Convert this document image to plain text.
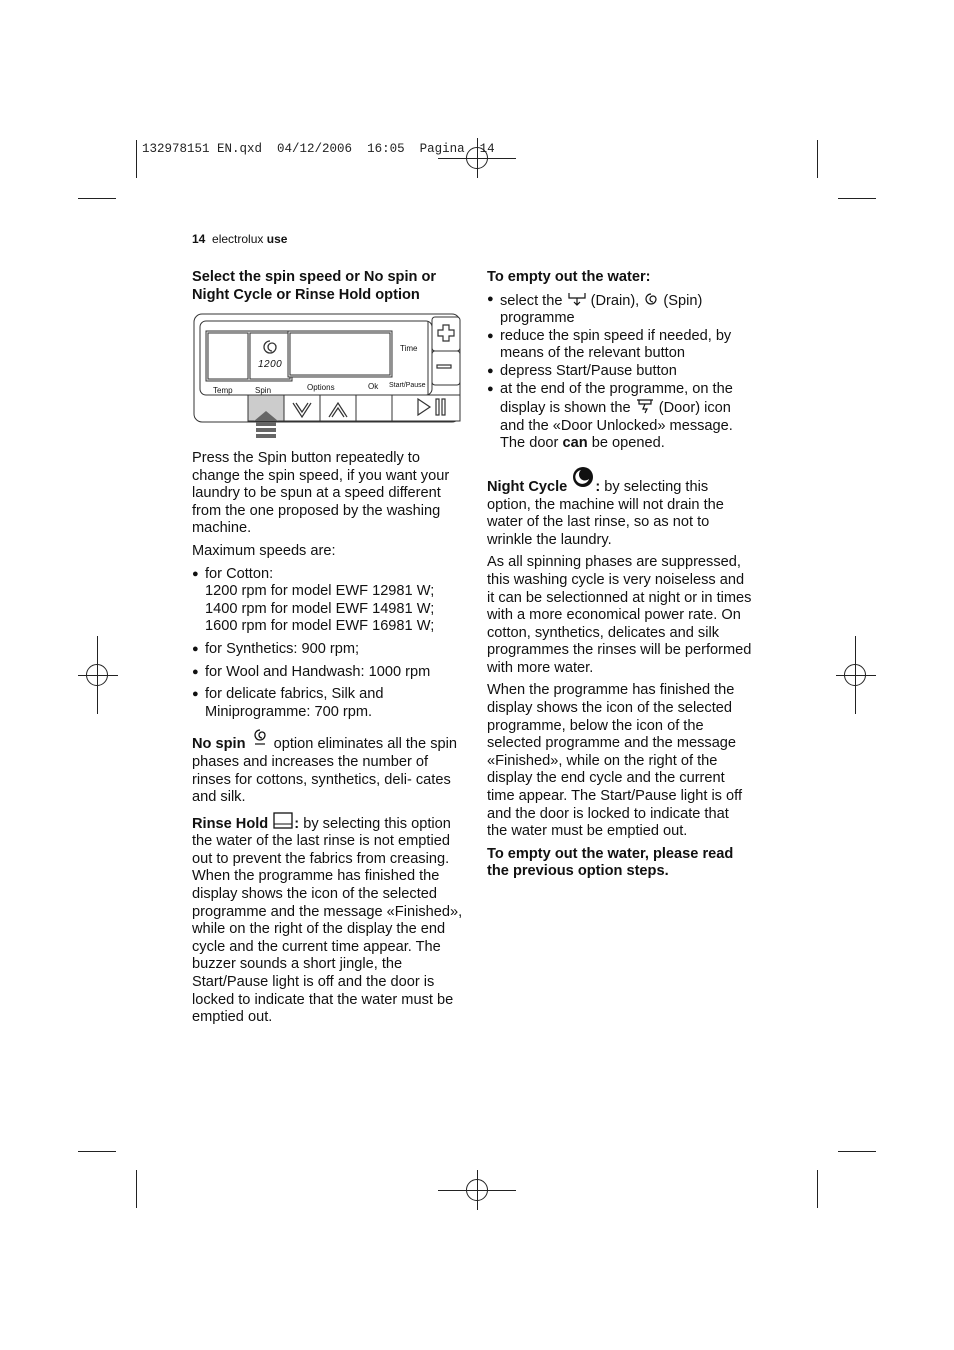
132978151 EN.qxd 04/12/2006 16:05 Pagina 14
14 electrolux use
Select the spin speed or No spin or Night Cycle or Rinse Hold option
1200
Time
Temp	Spin	Options	Ok Start/Pause

Press the Spin button repeatedly to change the spin speed, if you want your laundry to be spun at a speed different from the one proposed by the washing machine.

Maximum speeds are:

● for Cotton:
1200 rpm for model EWF 12981 W;
1400 rpm for model EWF 14981 W;
1600 rpm for model EWF 16981 W;
● for Synthetics: 900 rpm;
● for Wool and Handwash: 1000 rpm
● for delicate fabrics, Silk and Miniprogramme: 700 rpm.

No spin option eliminates all the spin phases and increases the number of rinses for cottons, synthetics, deli- cates and silk.

Rinse Hold : by selecting this option the water of the last rinse is not emptied out to prevent the fabrics from creasing. When the programme has finished the display shows the icon of the selected programme and the message «Finished», while on the right of the display the end cycle and the current time appear. The buzzer sounds a short jingle, the Start/Pause light is off and the door is locked to indicate that the water must be emptied out.

To empty out the water:
● select the (Drain), (Spin) programme
● reduce the spin speed if needed, by means of the relevant button
● depress Start/Pause button
● at the end of the programme, on the display is shown the (Door) icon and the «Door Unlocked» message. The door can be opened.

Night Cycle : by selecting this option, the machine will not drain the water of the last rinse, so as not to wrinkle the laundry.

As all spinning phases are suppressed, this washing cycle is very noiseless and it can be selectionned at night or in times with a more economical power rate. On cotton, synthetics, delicates and silk programmes the rinses will be performed with more water.

When the programme has finished the display shows the icon of the selected programme, below the icon of the selected programme and the message «Finished», while on the right of the display the end cycle and the current time appear. The Start/Pause light is off and the door is locked to indicate that the water must be emptied out.

To empty out the water, please read the previous option steps.
